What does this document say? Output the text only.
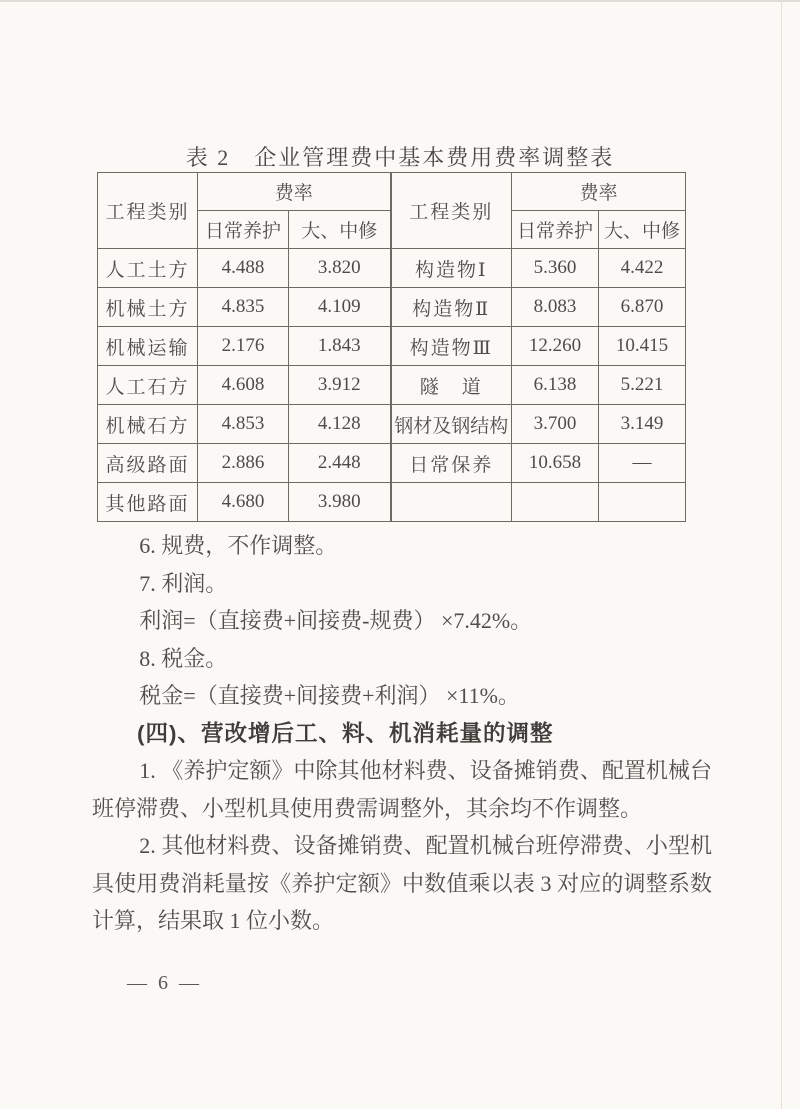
表 2　企业管理费中基本费用费率调整表
工程类别	费率		工程类别	费率	
	日常养护	大、中修		日常养护	大、中修
人工土方	4.488	3.820	构造物Ⅰ	5.360	4.422
机械土方	4.835	4.109	构造物Ⅱ	8.083	6.870
机械运输	2.176	1.843	构造物Ⅲ	12.260	10.415
人工石方	4.608	3.912	隧　道	6.138	5.221
机械石方	4.853	4.128	钢材及钢结构	3.700	3.149
高级路面	2.886	2.448	日常保养	10.658	—
其他路面	4.680	3.980			

6. 规费，不作调整。

7. 利润。

利润=（直接费+间接费-规费） ×7.42%。

8. 税金。

税金=（直接费+间接费+利润） ×11%。

(四)、营改增后工、料、机消耗量的调整

1. 《养护定额》中除其他材料费、设备摊销费、配置机械台班停滞费、小型机具使用费需调整外，其余均不作调整。

2. 其他材料费、设备摊销费、配置机械台班停滞费、小型机具使用费消耗量按《养护定额》中数值乘以表 3 对应的调整系数计算，结果取 1 位小数。

— 6 —
